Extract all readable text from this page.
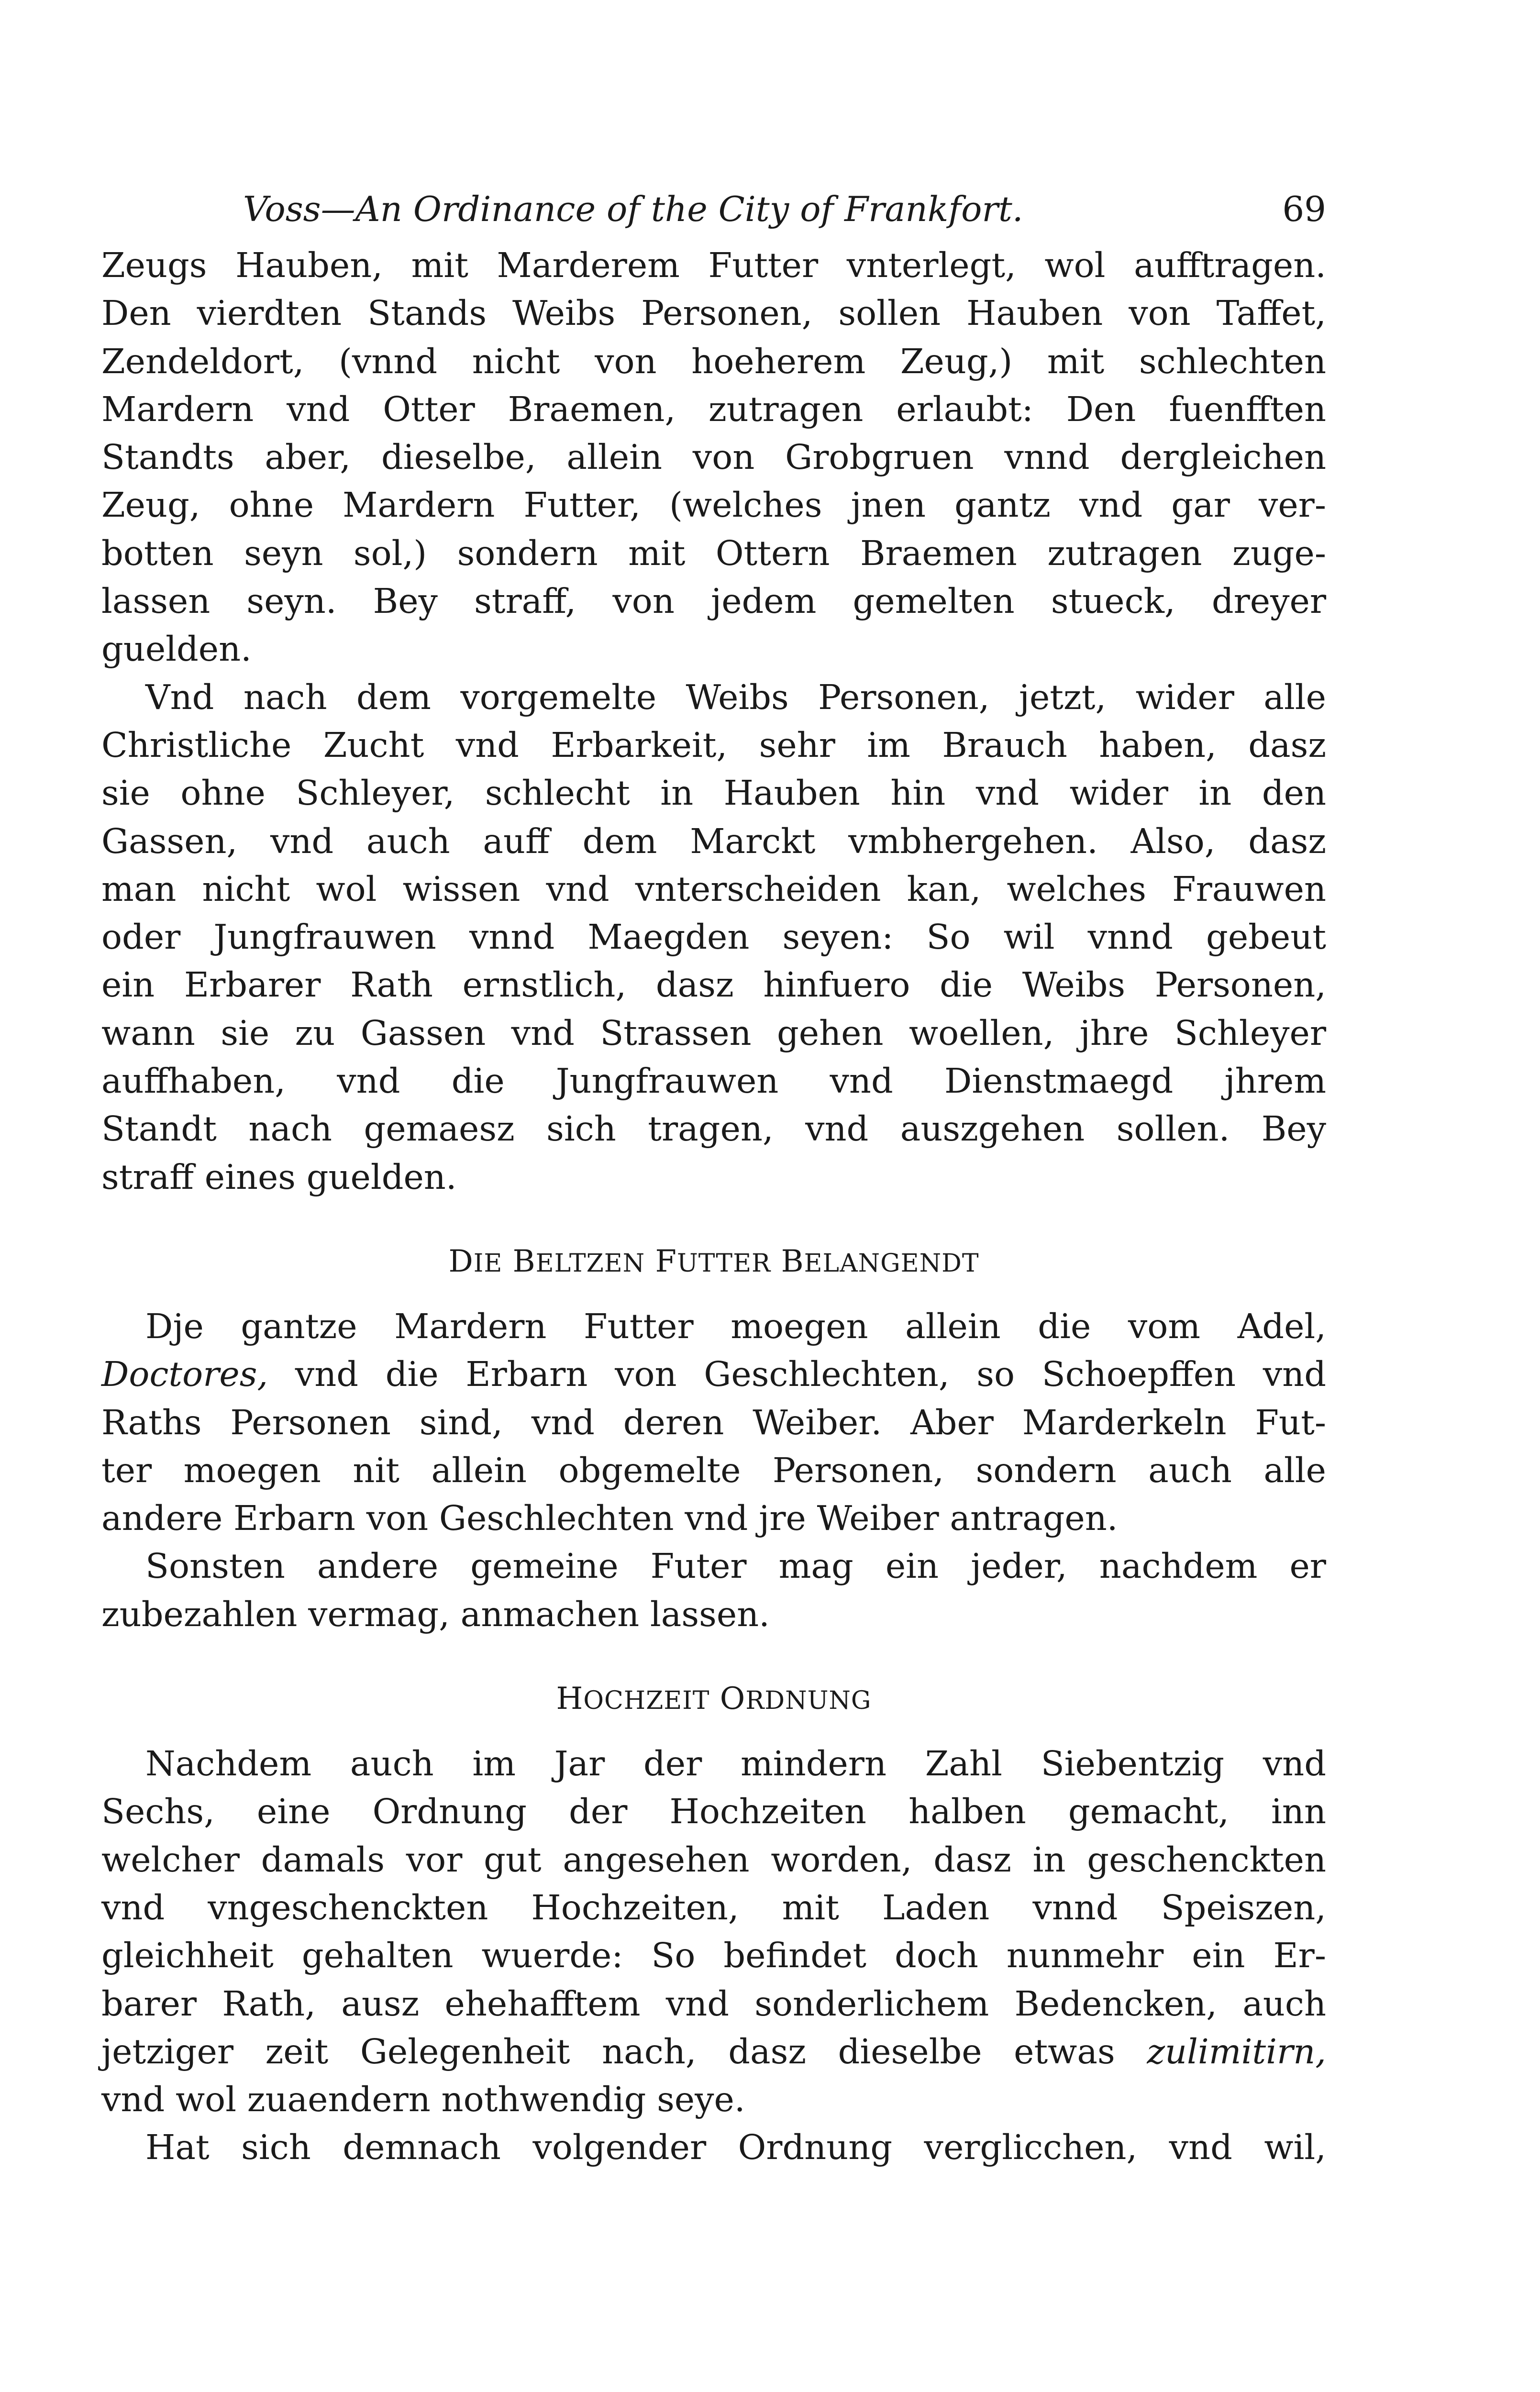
Voss—An Ordinance of the City of Frankfort.	69
Zeugs Hauben, mit Marderem Futter vnterlegt, wol aufftragen.
Den vierdten Stands Weibs Personen, sollen Hauben von Taffet,
Zendeldort, (vnnd nicht von hoeherem Zeug,) mit schlechten
Mardern vnd Otter Braemen, zutragen erlaubt: Den fuenfften
Standts aber, dieselbe, allein von Grobgruen vnnd dergleichen
Zeug, ohne Mardern Futter, (welches jnen gantz vnd gar ver-
botten seyn sol,) sondern mit Ottern Braemen zutragen zuge-
lassen seyn. Bey straff, von jedem gemelten stueck, dreyer
guelden.
Vnd nach dem vorgemelte Weibs Personen, jetzt, wider alle
Christliche Zucht vnd Erbarkeit, sehr im Brauch haben, dasz
sie ohne Schleyer, schlecht in Hauben hin vnd wider in den
Gassen, vnd auch auff dem Marckt vmbhergehen. Also, dasz
man nicht wol wissen vnd vnterscheiden kan, welches Frauwen
oder Jungfrauwen vnnd Maegden seyen: So wil vnnd gebeut
ein Erbarer Rath ernstlich, dasz hinfuero die Weibs Personen,
wann sie zu Gassen vnd Strassen gehen woellen, jhre Schleyer
auffhaben, vnd die Jungfrauwen vnd Dienstmaegd jhrem
Standt nach gemaesz sich tragen, vnd auszgehen sollen. Bey
straff eines guelden.
DIE BELTZEN FUTTER BELANGENDT
Dje gantze Mardern Futter moegen allein die vom Adel,
Doctores, vnd die Erbarn von Geschlechten, so Schoepffen vnd
Raths Personen sind, vnd deren Weiber. Aber Marderkeln Fut-
ter moegen nit allein obgemelte Personen, sondern auch alle
andere Erbarn von Geschlechten vnd jre Weiber antragen.
Sonsten andere gemeine Futer mag ein jeder, nachdem er
zubezahlen vermag, anmachen lassen.
HOCHZEIT ORDNUNG
Nachdem auch im Jar der mindern Zahl Siebentzig vnd
Sechs, eine Ordnung der Hochzeiten halben gemacht, inn
welcher damals vor gut angesehen worden, dasz in geschenckten
vnd vngeschenckten Hochzeiten, mit Laden vnnd Speiszen,
gleichheit gehalten wuerde: So befindet doch nunmehr ein Er-
barer Rath, ausz ehehafftem vnd sonderlichem Bedencken, auch
jetziger zeit Gelegenheit nach, dasz dieselbe etwas zulimitirn,
vnd wol zuaendern nothwendig seye.
Hat sich demnach volgender Ordnung verglicchen, vnd wil,
